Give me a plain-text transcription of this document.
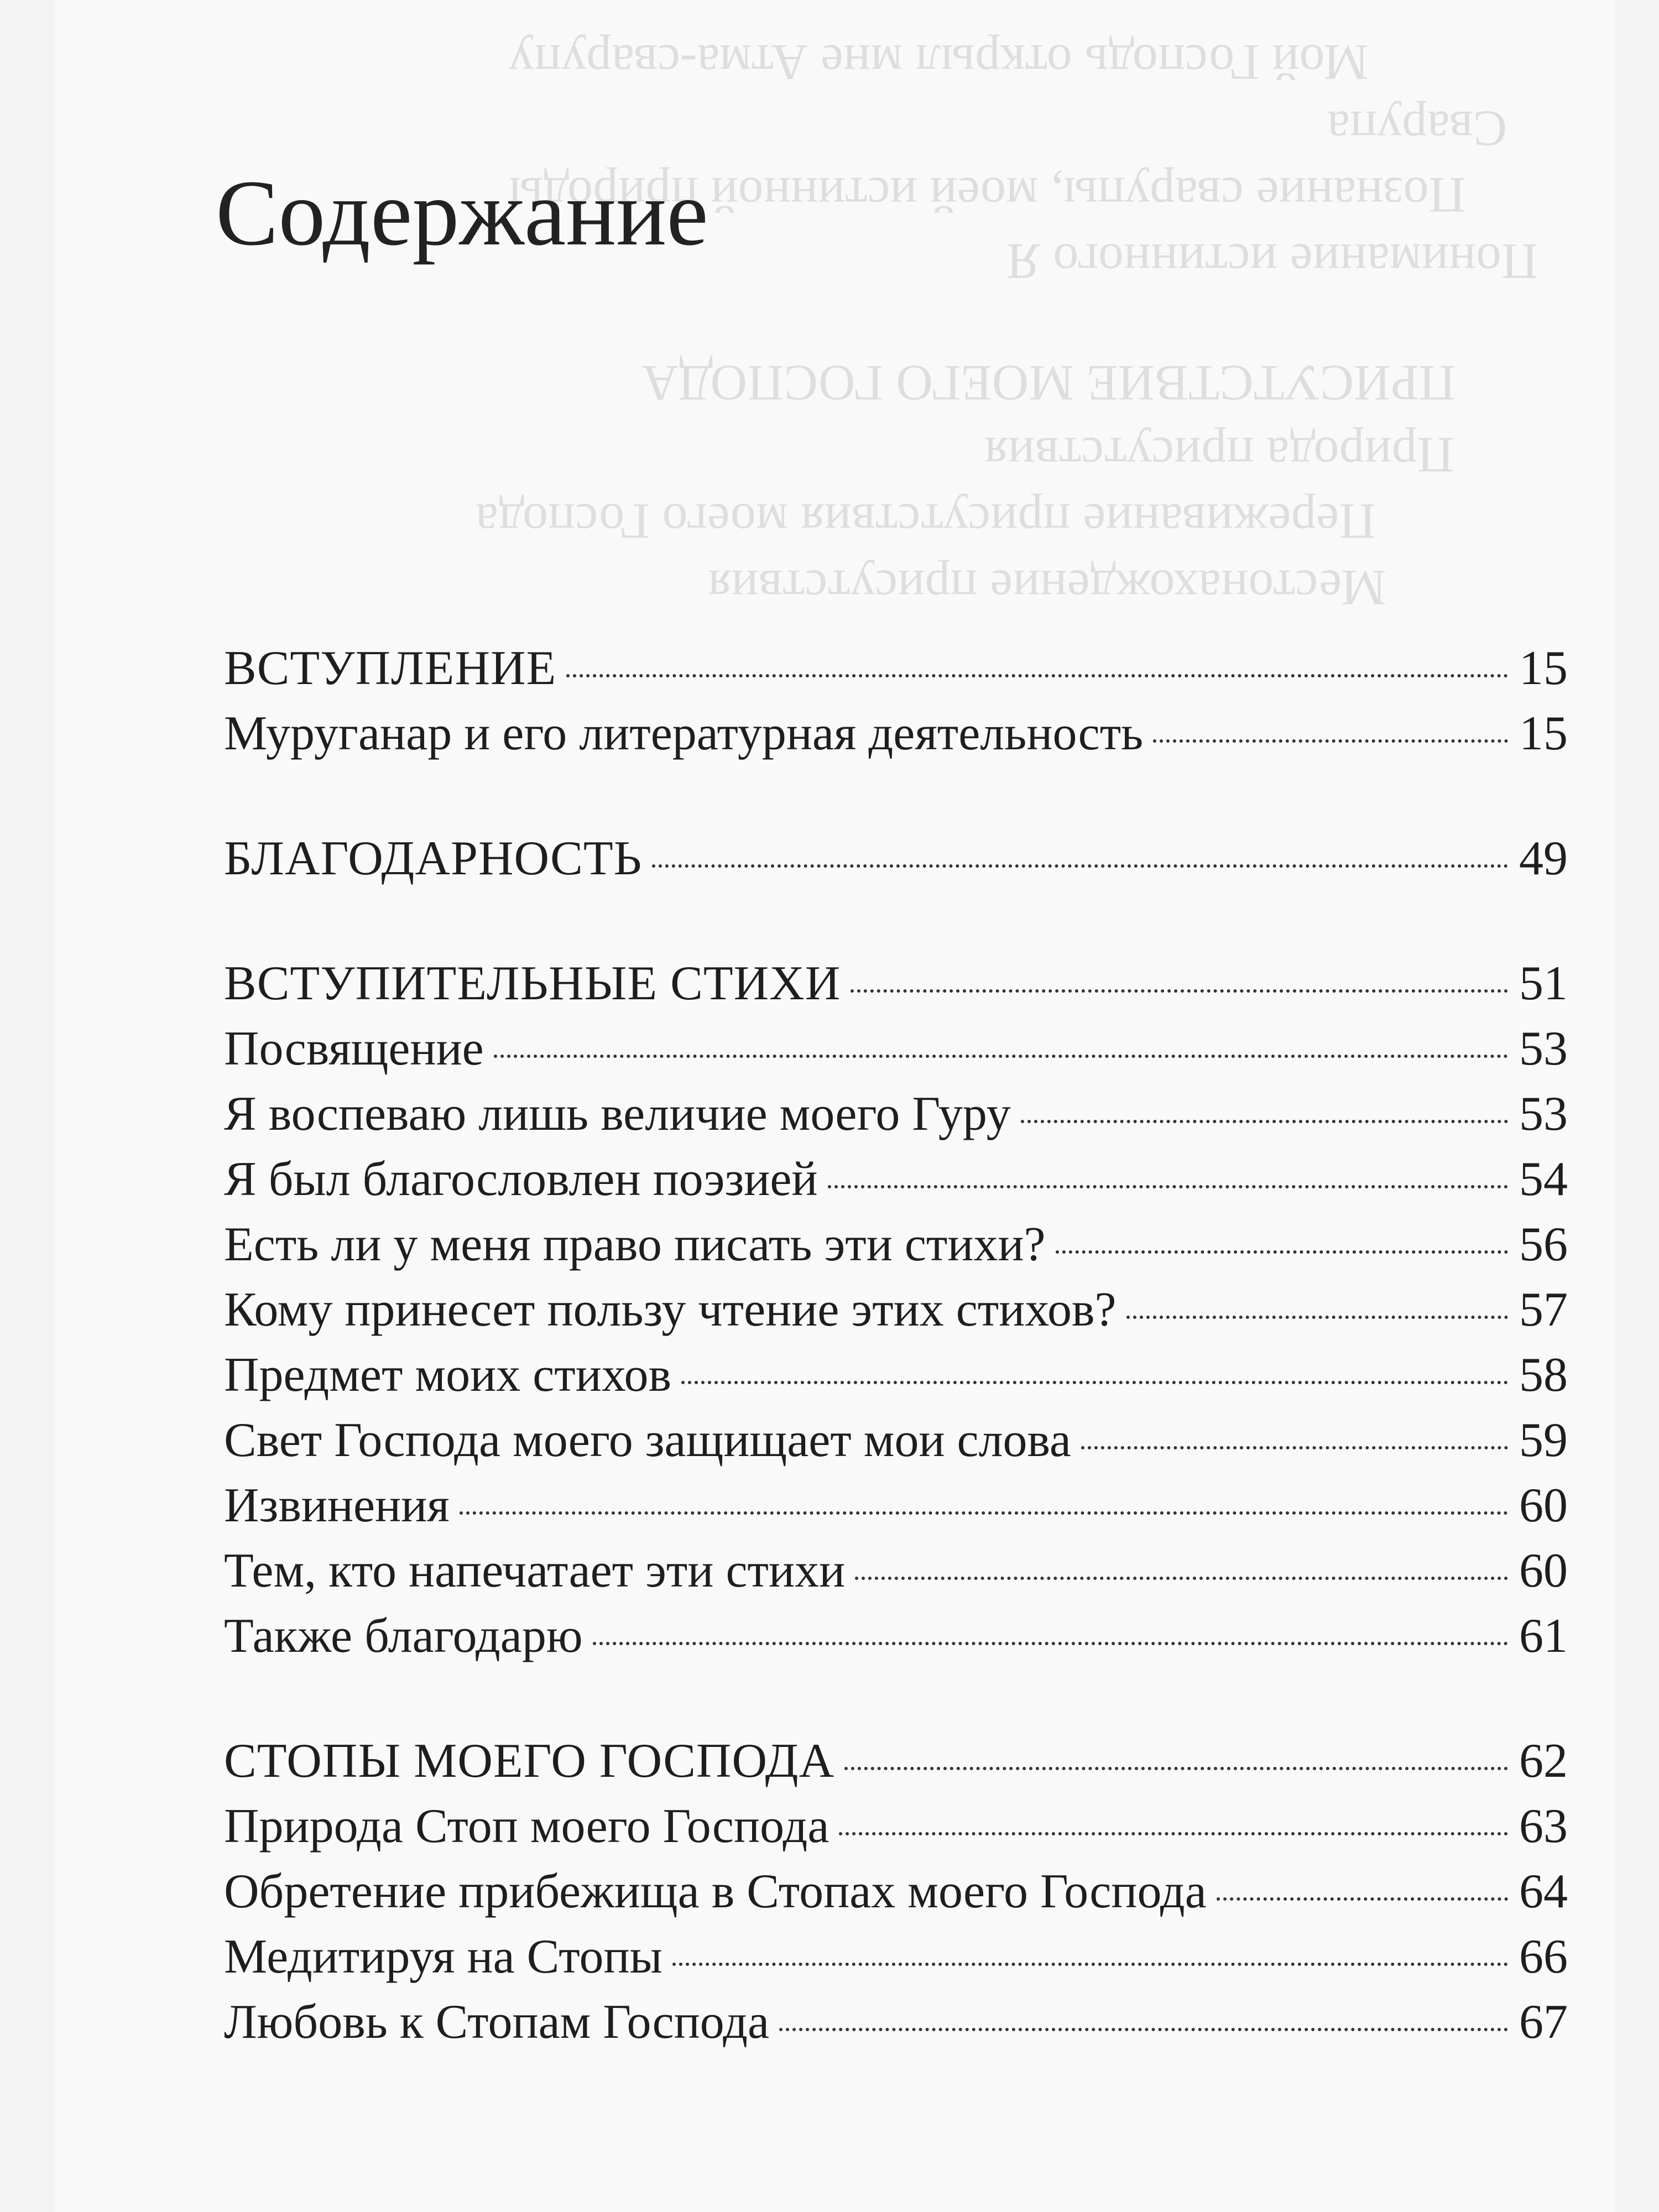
Мой Господь открыл мне Атма-сварупу
Сварупа
Познание сварупы, моей истинной природы
Понимание истинного Я
ПРИСУТСТВИЕ МОЕГО ГОСПОДА
Природа присутствия
Переживание присутствия моего Господа
Местонахождение присутствия
Содержание
ВСТУПЛЕНИЕ	15
Муруганар и его литературная деятельность	15
БЛАГОДАРНОСТЬ	49
ВСТУПИТЕЛЬНЫЕ СТИХИ	51
Посвящение	53
Я воспеваю лишь величие моего Гуру	53
Я был благословлен поэзией	54
Есть ли у меня право писать эти стихи?	56
Кому принесет пользу чтение этих стихов?	57
Предмет моих стихов	58
Свет Господа моего защищает мои слова	59
Извинения	60
Тем, кто напечатает эти стихи	60
Также благодарю	61
СТОПЫ МОЕГО ГОСПОДА	62
Природа Стоп моего Господа	63
Обретение прибежища в Стопах моего Господа	64
Медитируя на Стопы	66
Любовь к Стопам Господа	67
